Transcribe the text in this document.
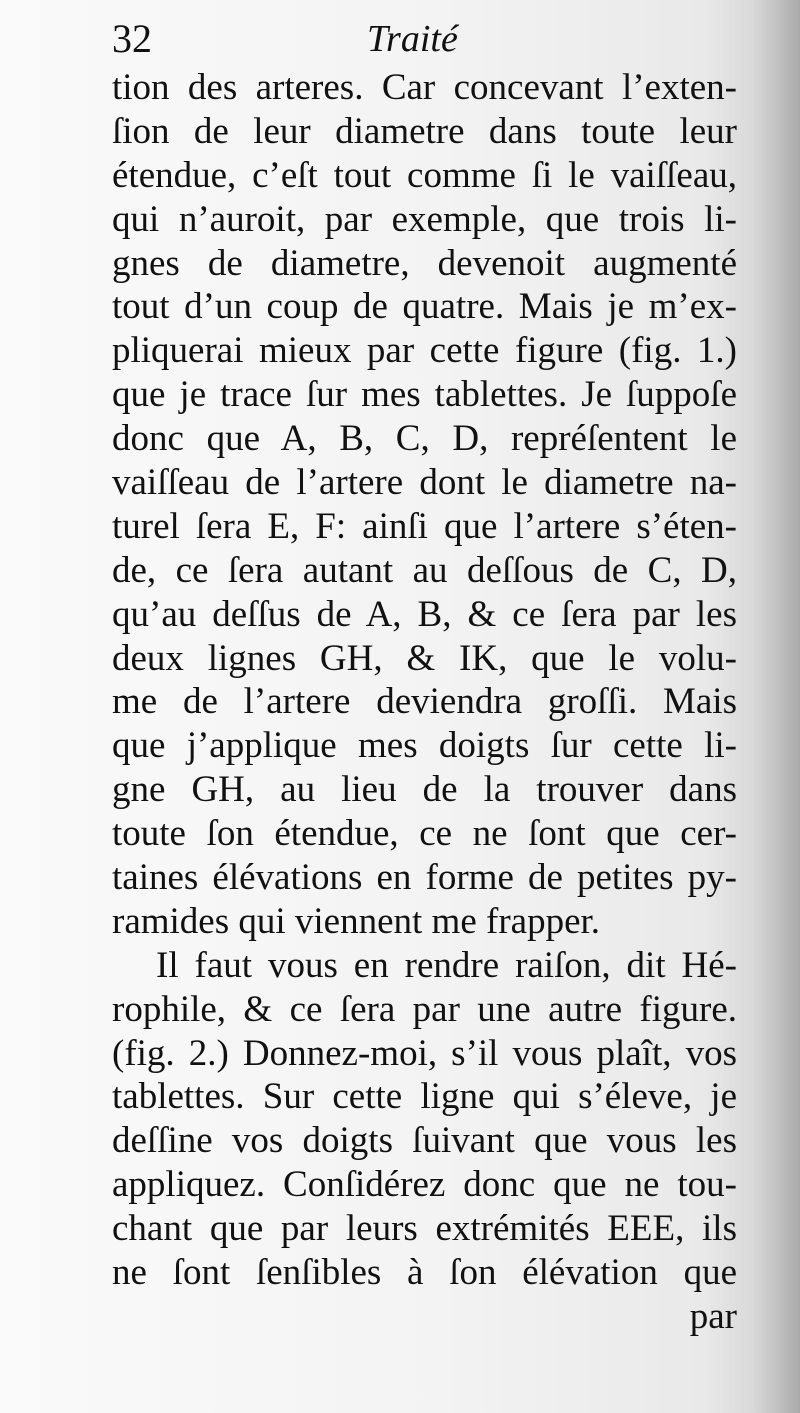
32	Traité
tion des arteres. Car concevant l’exten-
ſion de leur diametre dans toute leur
étendue, c’eſt tout comme ſi le vaiſſeau,
qui n’auroit, par exemple, que trois li-
gnes de diametre, devenoit augmenté
tout d’un coup de quatre. Mais je m’ex-
pliquerai mieux par cette figure (fig. 1.)
que je trace ſur mes tablettes. Je ſuppoſe
donc que A, B, C, D, repréſentent le
vaiſſeau de l’artere dont le diametre na-
turel ſera E, F: ainſi que l’artere s’éten-
de, ce ſera autant au deſſous de C, D,
qu’au deſſus de A, B, & ce ſera par les
deux lignes GH, & IK, que le volu-
me de l’artere deviendra groſſi. Mais
que j’applique mes doigts ſur cette li-
gne GH, au lieu de la trouver dans
toute ſon étendue, ce ne ſont que cer-
taines élévations en forme de petites py-
ramides qui viennent me frapper.
Il faut vous en rendre raiſon, dit Hé-
rophile, & ce ſera par une autre figure.
(fig. 2.) Donnez-moi, s’il vous plaît, vos
tablettes. Sur cette ligne qui s’éleve, je
deſſine vos doigts ſuivant que vous les
appliquez. Conſidérez donc que ne tou-
chant que par leurs extrémités EEE, ils
ne ſont ſenſibles à ſon élévation que
par
